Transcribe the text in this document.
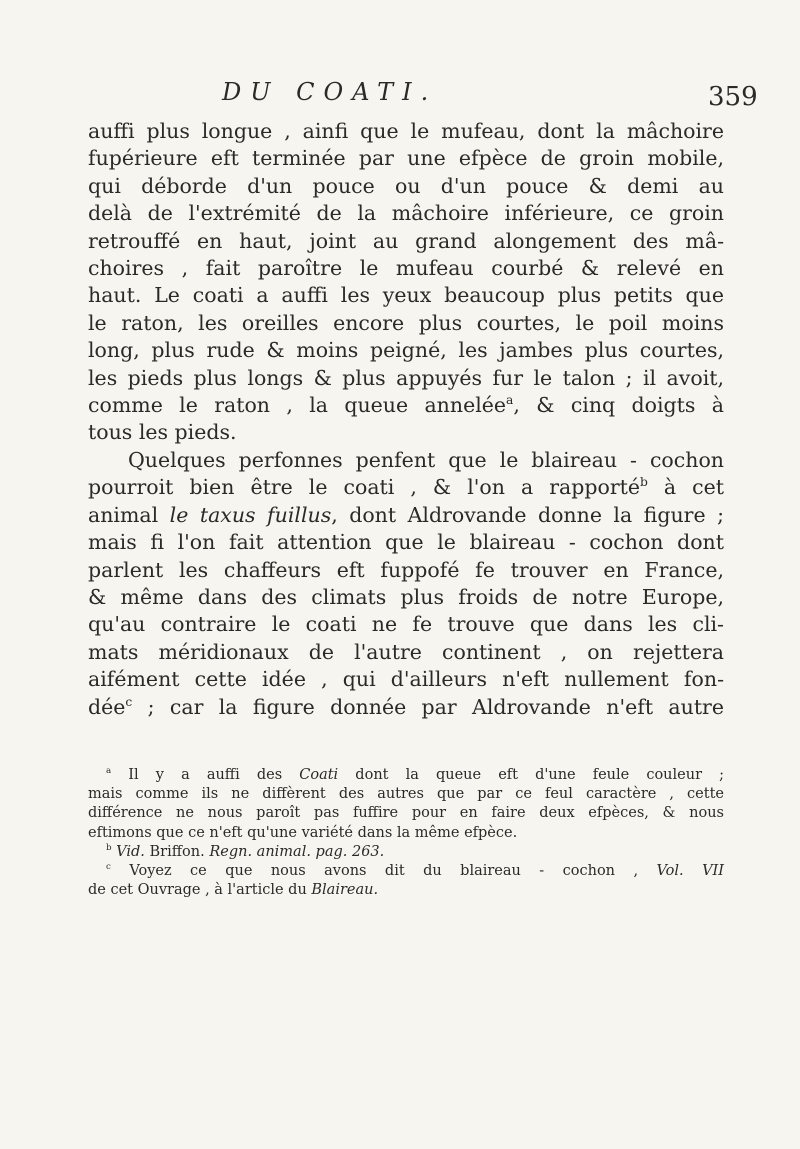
DU COATI.	359
auffi plus longue , ainfi que le mufeau, dont la mâchoire
fupérieure eft terminée par une efpèce de groin mobile,
qui déborde d'un pouce ou d'un pouce & demi au
delà de l'extrémité de la mâchoire inférieure, ce groin
retrouffé en haut, joint au grand alongement des mâ-
choires , fait paroître le mufeau courbé & relevé en
haut. Le coati a auffi les yeux beaucoup plus petits que
le raton, les oreilles encore plus courtes, le poil moins
long, plus rude & moins peigné, les jambes plus courtes,
les pieds plus longs & plus appuyés fur le talon ; il avoit,
comme le raton , la queue annelée$^a$, & cinq doigts à
tous les pieds.
Quelques perfonnes penfent que le blaireau - cochon
pourroit bien être le coati , & l'on a rapporté$^b$ à cet
animal le taxus fuillus, dont Aldrovande donne la figure ;
mais fi l'on fait attention que le blaireau - cochon dont
parlent les chaffeurs eft fuppofé fe trouver en France,
& même dans des climats plus froids de notre Europe,
qu'au contraire le coati ne fe trouve que dans les cli-
mats méridionaux de l'autre continent , on rejettera
aifément cette idée , qui d'ailleurs n'eft nullement fon-
dée$^c$ ; car la figure donnée par Aldrovande n'eft autre
$^a$ Il y a auffi des Coati dont la queue eft d'une feule couleur ;
mais comme ils ne diffèrent des autres que par ce feul caractère , cette
différence ne nous paroît pas fuffire pour en faire deux efpèces, & nous
eftimons que ce n'eft qu'une variété dans la même efpèce.
$^b$ Vid. Briffon. Regn. animal. pag. 263.
$^c$ Voyez ce que nous avons dit du blaireau - cochon , Vol. VII
de cet Ouvrage , à l'article du Blaireau.
